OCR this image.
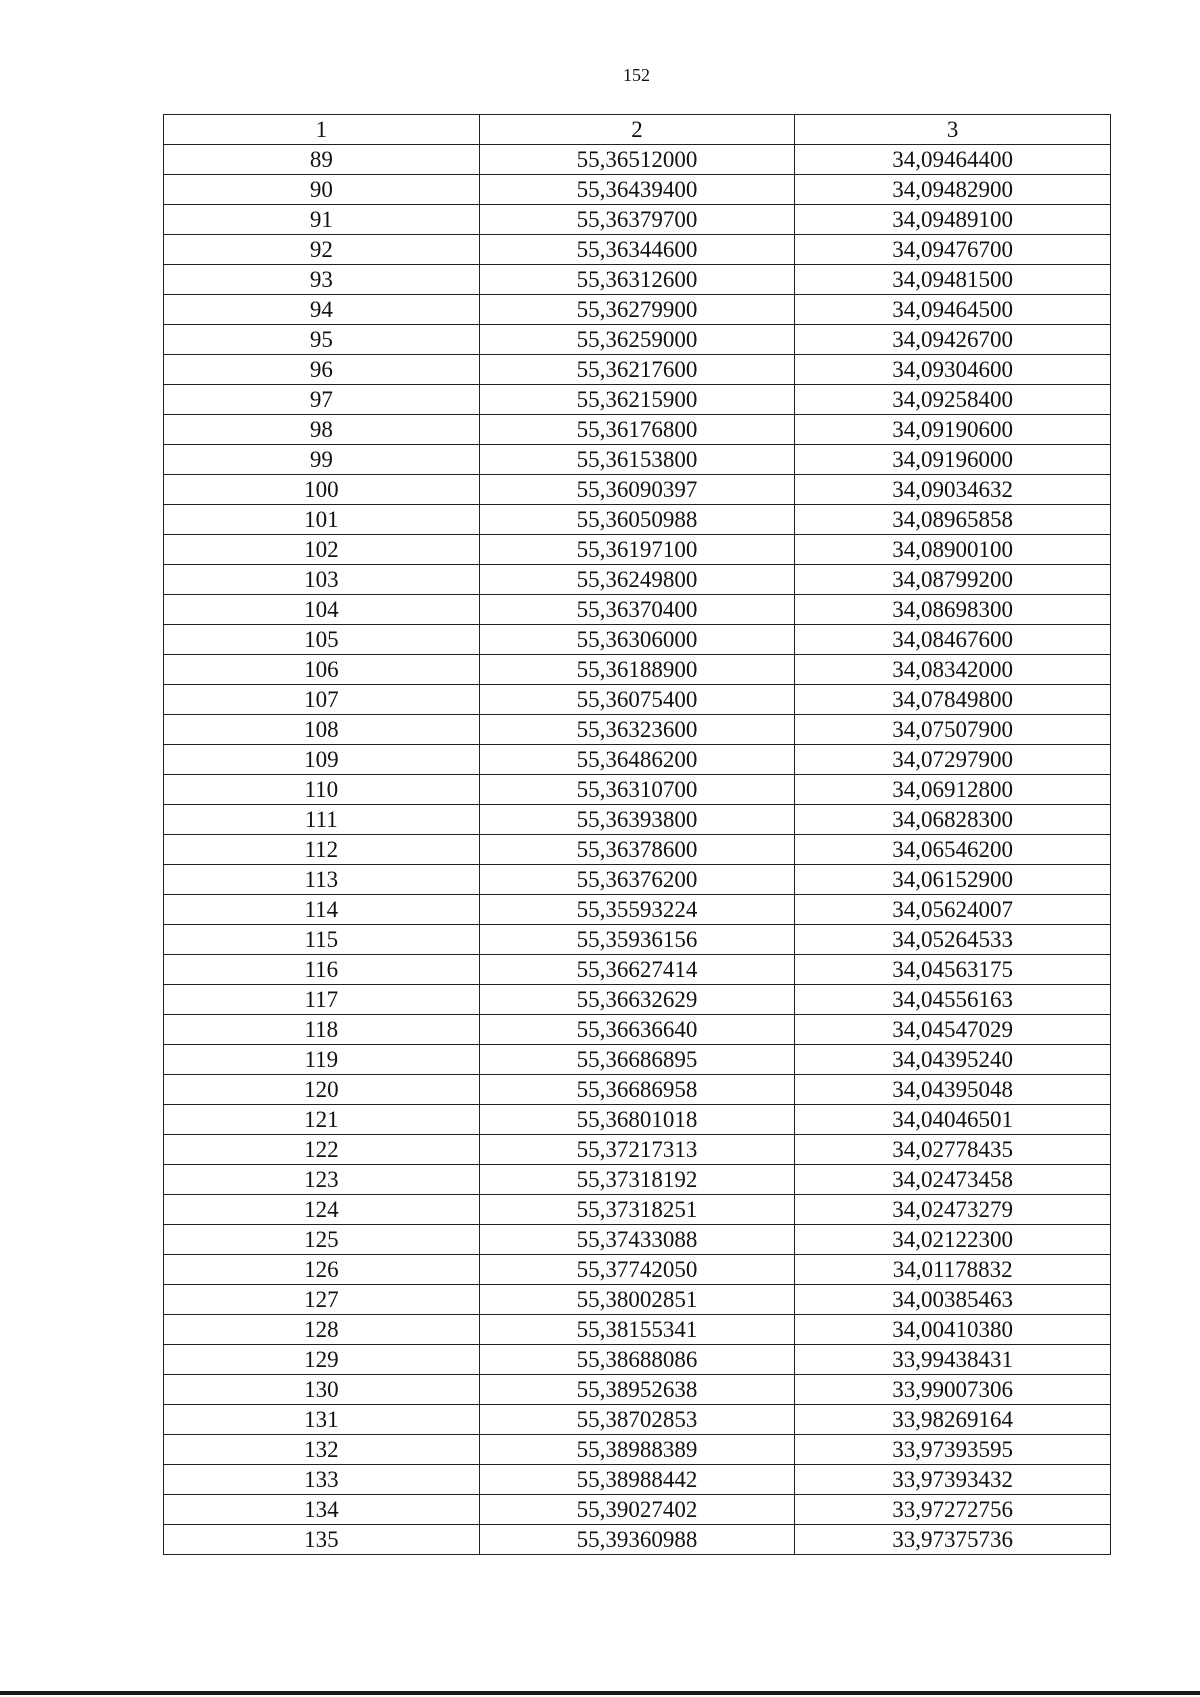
152
1	2	3
89	55,36512000	34,09464400
90	55,36439400	34,09482900
91	55,36379700	34,09489100
92	55,36344600	34,09476700
93	55,36312600	34,09481500
94	55,36279900	34,09464500
95	55,36259000	34,09426700
96	55,36217600	34,09304600
97	55,36215900	34,09258400
98	55,36176800	34,09190600
99	55,36153800	34,09196000
100	55,36090397	34,09034632
101	55,36050988	34,08965858
102	55,36197100	34,08900100
103	55,36249800	34,08799200
104	55,36370400	34,08698300
105	55,36306000	34,08467600
106	55,36188900	34,08342000
107	55,36075400	34,07849800
108	55,36323600	34,07507900
109	55,36486200	34,07297900
110	55,36310700	34,06912800
111	55,36393800	34,06828300
112	55,36378600	34,06546200
113	55,36376200	34,06152900
114	55,35593224	34,05624007
115	55,35936156	34,05264533
116	55,36627414	34,04563175
117	55,36632629	34,04556163
118	55,36636640	34,04547029
119	55,36686895	34,04395240
120	55,36686958	34,04395048
121	55,36801018	34,04046501
122	55,37217313	34,02778435
123	55,37318192	34,02473458
124	55,37318251	34,02473279
125	55,37433088	34,02122300
126	55,37742050	34,01178832
127	55,38002851	34,00385463
128	55,38155341	34,00410380
129	55,38688086	33,99438431
130	55,38952638	33,99007306
131	55,38702853	33,98269164
132	55,38988389	33,97393595
133	55,38988442	33,97393432
134	55,39027402	33,97272756
135	55,39360988	33,97375736
